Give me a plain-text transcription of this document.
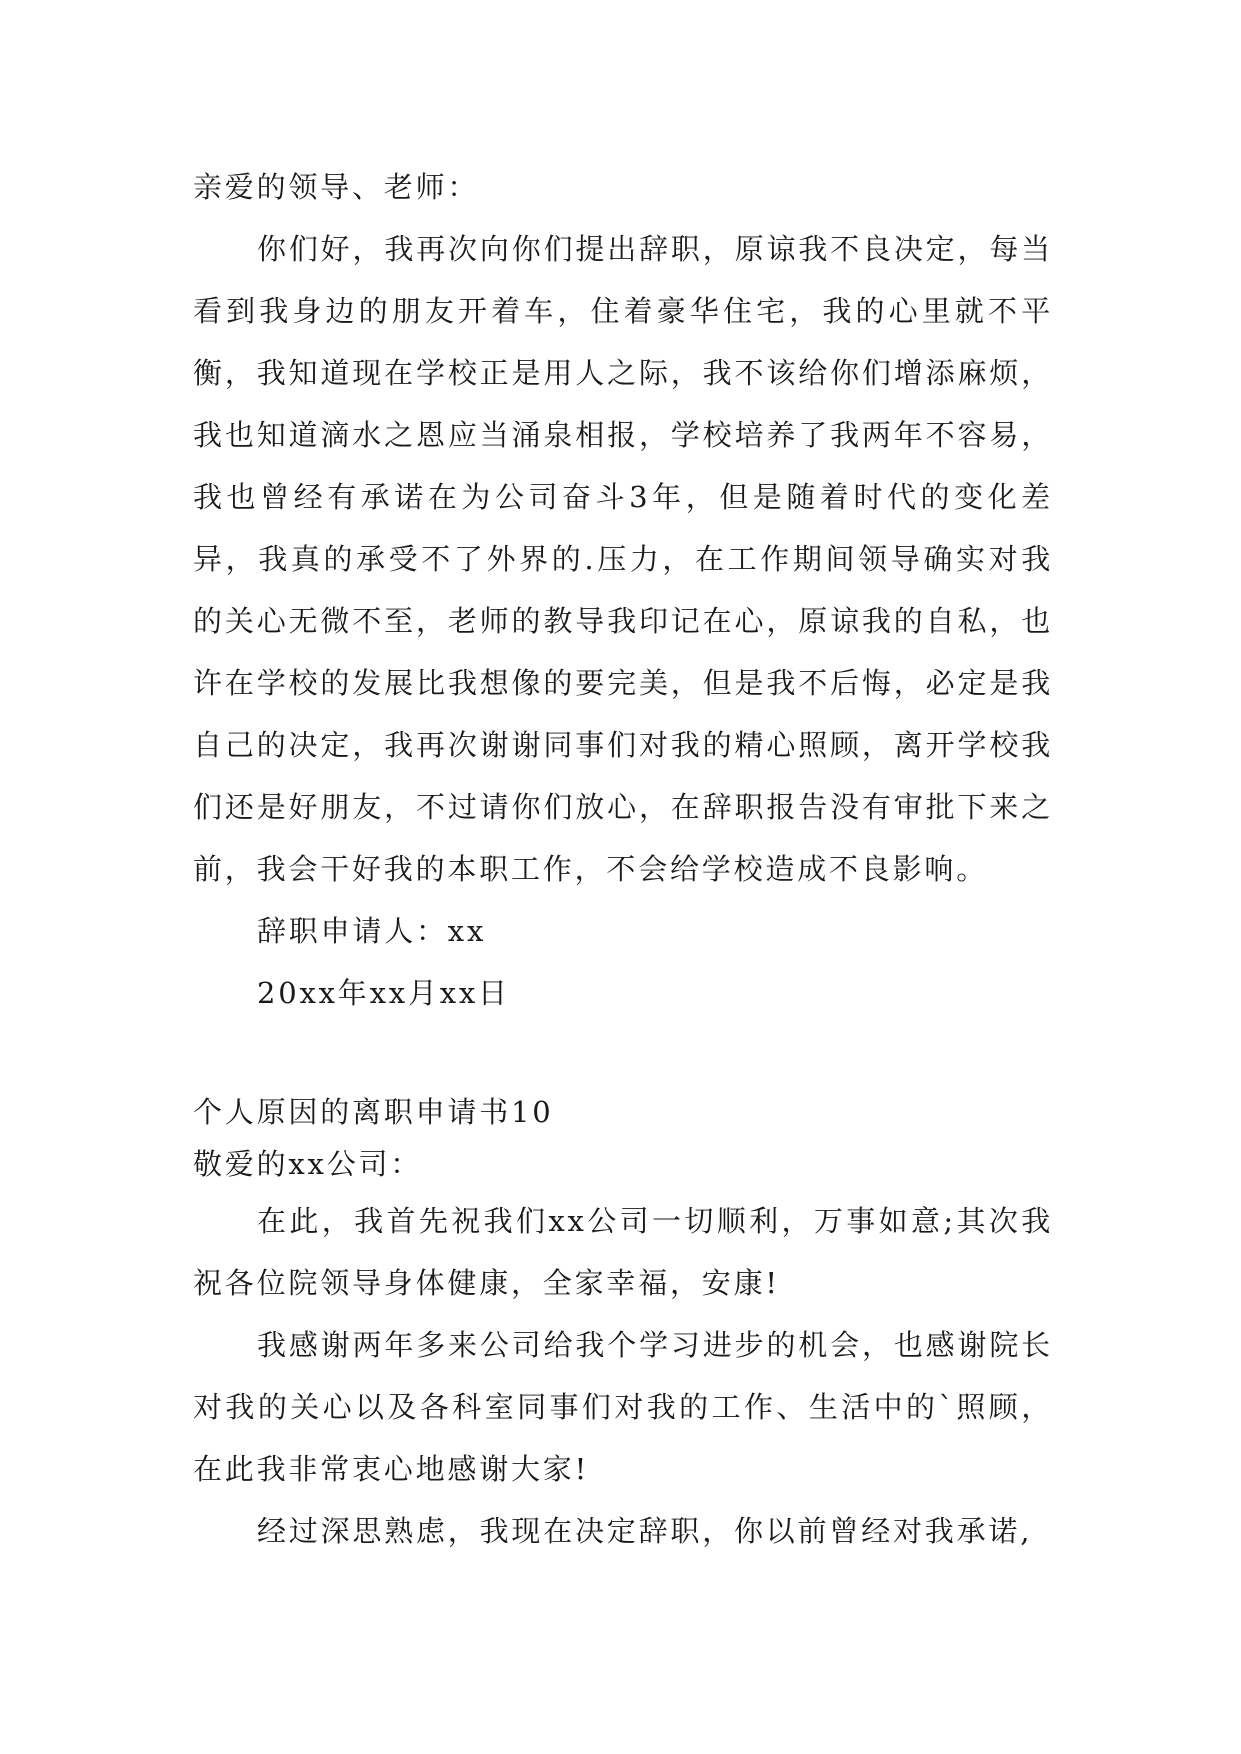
亲爱的领导、老师：

你们好，我再次向你们提出辞职，原谅我不良决定，每当看到我身边的朋友开着车，住着豪华住宅，我的心里就不平衡，我知道现在学校正是用人之际，我不该给你们增添麻烦，我也知道滴水之恩应当涌泉相报，学校培养了我两年不容易，我也曾经有承诺在为公司奋斗3年，但是随着时代的变化差异，我真的承受不了外界的.压力，在工作期间领导确实对我的关心无微不至，老师的教导我印记在心，原谅我的自私，也许在学校的发展比我想像的要完美，但是我不后悔，必定是我自己的决定，我再次谢谢同事们对我的精心照顾，离开学校我们还是好朋友，不过请你们放心，在辞职报告没有审批下来之前，我会干好我的本职工作，不会给学校造成不良影响。

辞职申请人：xx

20xx年xx月xx日

个人原因的离职申请书10

敬爱的xx公司：

在此，我首先祝我们xx公司一切顺利，万事如意;其次我祝各位院领导身体健康，全家幸福，安康!

我感谢两年多来公司给我个学习进步的机会，也感谢院长对我的关心以及各科室同事们对我的工作、生活中的`照顾，在此我非常衷心地感谢大家!

经过深思熟虑，我现在决定辞职，你以前曾经对我承诺,
